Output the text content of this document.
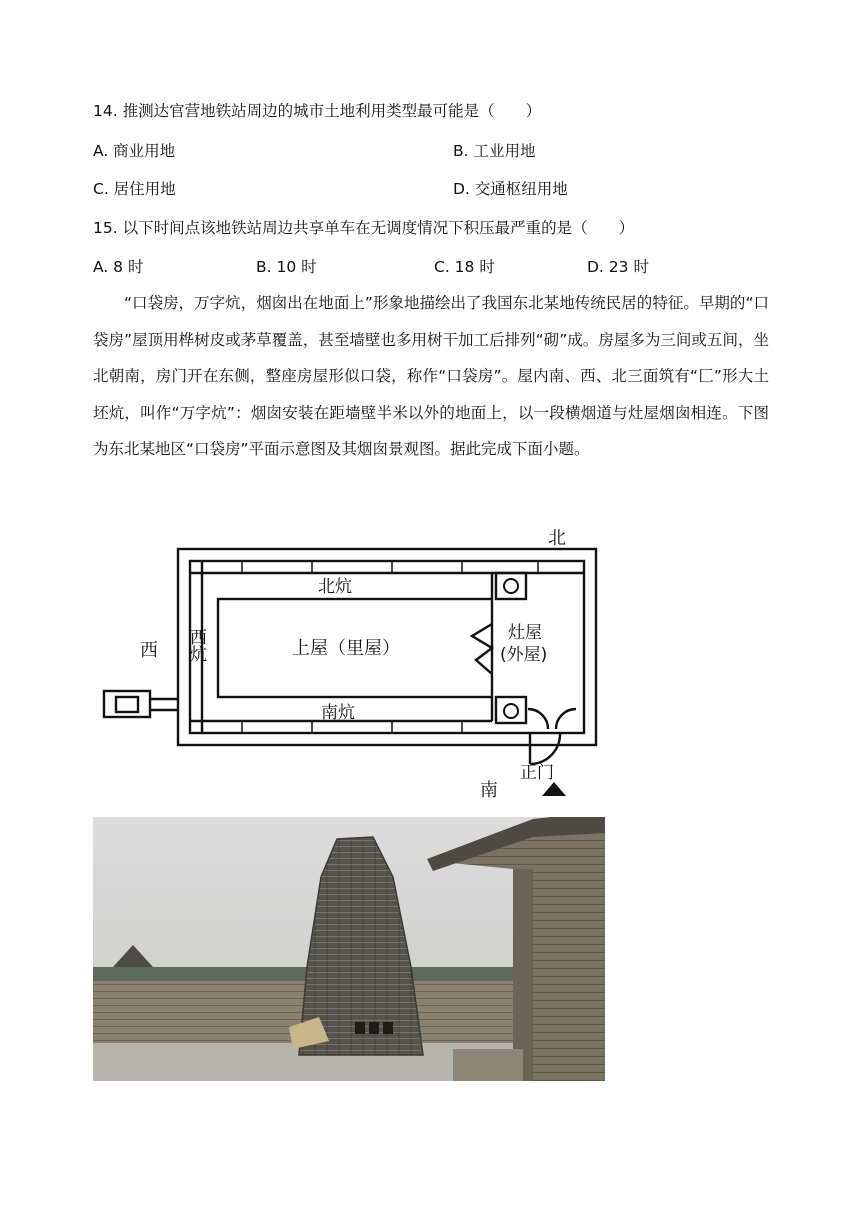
14. 推测达官营地铁站周边的城市土地利用类型最可能是（　　）
A. 商业用地	B. 工业用地
C. 居住用地	D. 交通枢纽用地
15. 以下时间点该地铁站周边共享单车在无调度情况下积压最严重的是（　　）
A. 8 时	B. 10 时	C. 18 时	D. 23 时
“口袋房，万字炕，烟囱出在地面上”形象地描绘出了我国东北某地传统民居的特征。早期的“口袋房”屋顶用桦树皮或茅草覆盖，甚至墙壁也多用树干加工后排列“砌”成。房屋多为三间或五间，坐北朝南，房门开在东侧，整座房屋形似口袋，称作“口袋房”。屋内南、西、北三面筑有“匚”形大土坯炕，叫作“万字炕”：烟囱安装在距墙壁半米以外的地面上，以一段横烟道与灶屋烟囱相连。下图为东北某地区“口袋房”平面示意图及其烟囱景观图。据此完成下面小题。
北
南
西
北炕
南炕
西炕	上屋（里屋）
灶屋
(外屋)
正门
